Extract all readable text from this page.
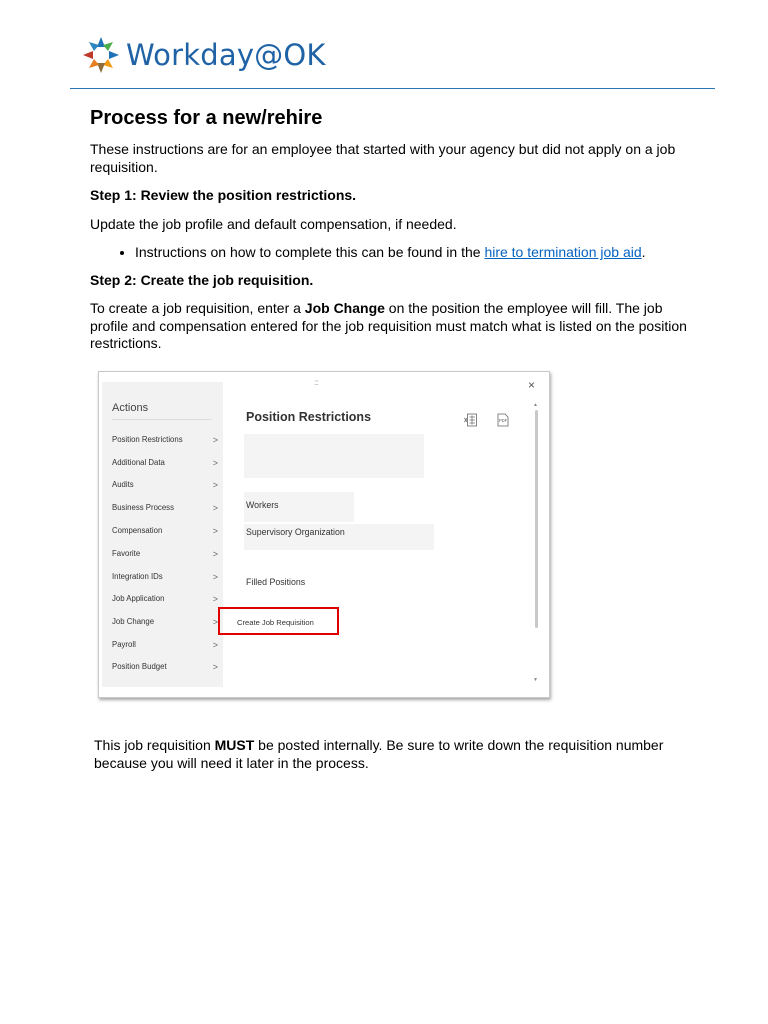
Workday@OK
Process for a new/rehire

These instructions are for an employee that started with your agency but did not apply on a job requisition.

Step 1: Review the position restrictions.

Update the job profile and default compensation, if needed.

• Instructions on how to complete this can be found in the hire to termination job aid.

Step 2: Create the job requisition.

To create a job requisition, enter a Job Change on the position the employee will fill. The job profile and compensation entered for the job requisition must match what is listed on the position restrictions.

Actions
Position Restrictions	>
Additional Data	>
Audits	>
Business Process	>
Compensation	>
Favorite	>
Integration IDs	>
Job Application	>
Job Change	>
Payroll	>
Position Budget	>
:::	×
Position Restrictions	PDF
Workers
Supervisory Organization
Filled Positions
Create Job Requisition
▲
▼
This job requisition MUST be posted internally. Be sure to write down the requisition number because you will need it later in the process.
